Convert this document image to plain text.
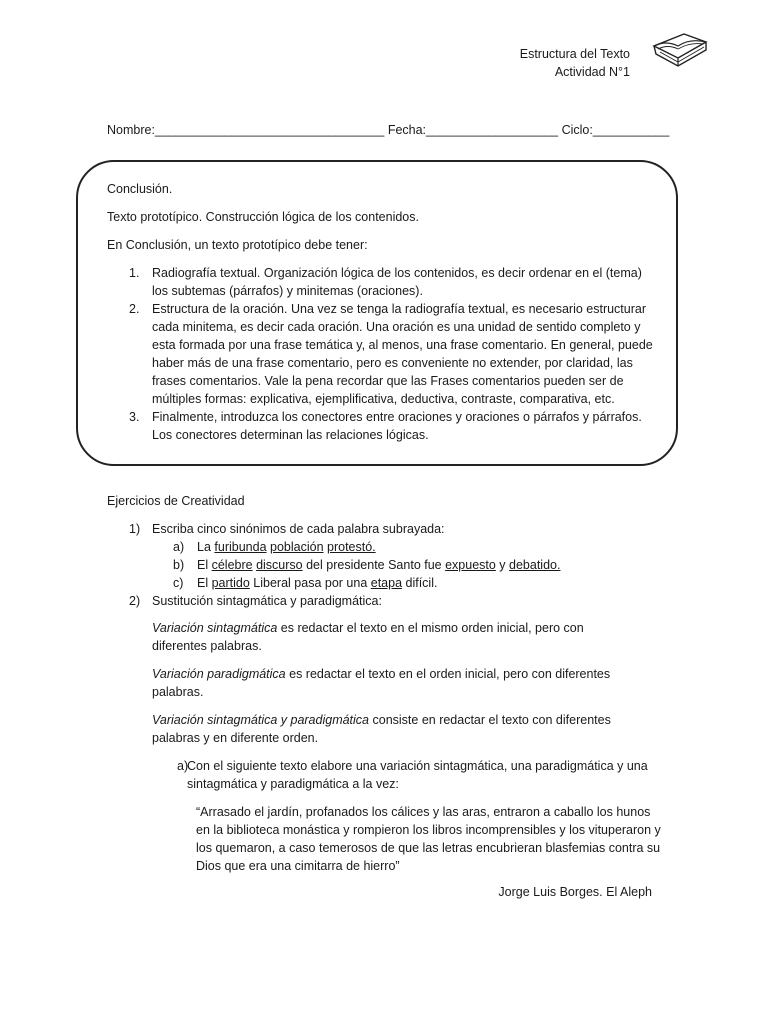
Estructura del Texto
Actividad N°1
Nombre:_________________________________ Fecha:___________________ Ciclo:___________

Conclusión.

Texto prototípico. Construcción lógica de los contenidos.

En Conclusión, un texto prototípico debe tener:

1. Radiografía textual. Organización lógica de los contenidos, es decir ordenar en el (tema) los subtemas (párrafos) y minitemas (oraciones).
2. Estructura de la oración. Una vez se tenga la radiografía textual, es necesario estructurar cada minitema, es decir cada oración. Una oración es una unidad de sentido completo y esta formada por una frase temática y, al menos, una frase comentario. En general, puede haber más de una frase comentario, pero es conveniente no extender, por claridad, las frases comentarios. Vale la pena recordar que las Frases comentarios pueden ser de múltiples formas: explicativa, ejemplificativa, deductiva, contraste, comparativa, etc.
3. Finalmente, introduzca los conectores entre oraciones y oraciones o párrafos y párrafos. Los conectores determinan las relaciones lógicas.

Ejercicios de Creatividad

1) Escriba cinco sinónimos de cada palabra subrayada:
a) La furibunda población protestó.
b) El célebre discurso del presidente Santo fue expuesto y debatido.
c) El partido Liberal pasa por una etapa difícil.
2) Sustitución sintagmática y paradigmática:

Variación sintagmática es redactar el texto en el mismo orden inicial, pero con diferentes palabras.

Variación paradigmática es redactar el texto en el orden inicial, pero con diferentes palabras.

Variación sintagmática y paradigmática consiste en redactar el texto con diferentes palabras y en diferente orden.

a)
Con el siguiente texto elabore una variación sintagmática, una paradigmática y una sintagmática y paradigmática a la vez:
“Arrasado el jardín, profanados los cálices y las aras, entraron a caballo los hunos en la biblioteca monástica y rompieron los libros incomprensibles y los vituperaron y los quemaron, a caso temerosos de que las letras encubrieran blasfemias contra su Dios que era una cimitarra de hierro”
Jorge Luis Borges. El Aleph
